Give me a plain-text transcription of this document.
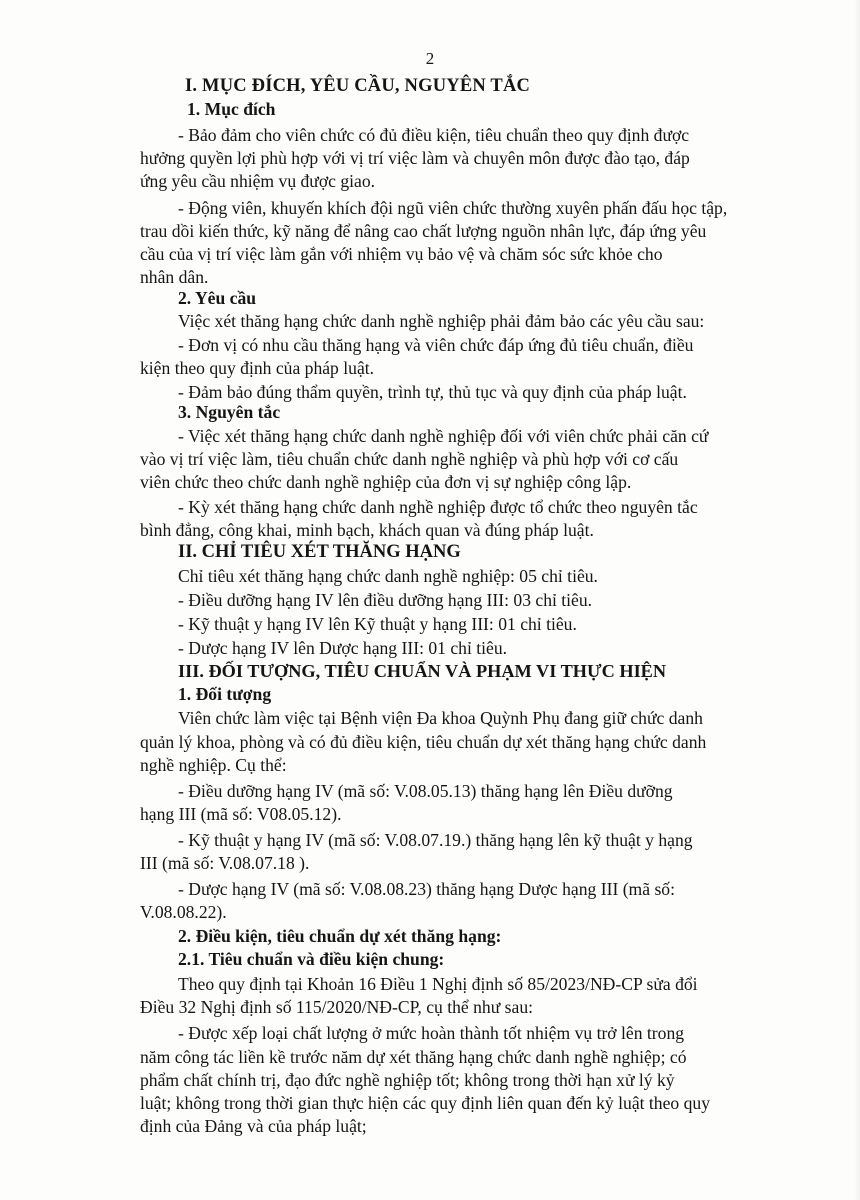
2
I. MỤC ĐÍCH, YÊU CẦU, NGUYÊN TẮC
1. Mục đích
- Bảo đảm cho viên chức có đủ điều kiện, tiêu chuẩn theo quy định được
hưởng quyền lợi phù hợp với vị trí việc làm và chuyên môn được đào tạo, đáp
ứng yêu cầu nhiệm vụ được giao.
- Động viên, khuyến khích đội ngũ viên chức thường xuyên phấn đấu học tập,
trau dồi kiến thức, kỹ năng để nâng cao chất lượng nguồn nhân lực, đáp ứng yêu
cầu của vị trí việc làm gắn với nhiệm vụ bảo vệ và chăm sóc sức khỏe cho
nhân dân.
2. Yêu cầu
Việc xét thăng hạng chức danh nghề nghiệp phải đảm bảo các yêu cầu sau:
- Đơn vị có nhu cầu thăng hạng và viên chức đáp ứng đủ tiêu chuẩn, điều
kiện theo quy định của pháp luật.
- Đảm bảo đúng thẩm quyền, trình tự, thủ tục và quy định của pháp luật.
3. Nguyên tắc
- Việc xét thăng hạng chức danh nghề nghiệp đối với viên chức phải căn cứ
vào vị trí việc làm, tiêu chuẩn chức danh nghề nghiệp và phù hợp với cơ cấu
viên chức theo chức danh nghề nghiệp của đơn vị sự nghiệp công lập.
- Kỳ xét thăng hạng chức danh nghề nghiệp được tổ chức theo nguyên tắc
bình đẳng, công khai, minh bạch, khách quan và đúng pháp luật.
II. CHỈ TIÊU XÉT THĂNG HẠNG
Chỉ tiêu xét thăng hạng chức danh nghề nghiệp: 05 chỉ tiêu.
- Điều dưỡng hạng IV lên điều dưỡng hạng III: 03 chỉ tiêu.
- Kỹ thuật y hạng IV lên Kỹ thuật y hạng III: 01 chỉ tiêu.
- Dược hạng IV lên Dược hạng III: 01 chỉ tiêu.
III. ĐỐI TƯỢNG, TIÊU CHUẨN VÀ PHẠM VI THỰC HIỆN
1. Đối tượng
Viên chức làm việc tại Bệnh viện Đa khoa Quỳnh Phụ đang giữ chức danh
quản lý khoa, phòng và có đủ điều kiện, tiêu chuẩn dự xét thăng hạng chức danh
nghề nghiệp. Cụ thể:
- Điều dưỡng hạng IV (mã số: V.08.05.13) thăng hạng lên Điều dưỡng
hạng III (mã số: V08.05.12).
- Kỹ thuật y hạng IV (mã số: V.08.07.19.) thăng hạng lên kỹ thuật y hạng
III (mã số: V.08.07.18 ).
- Dược hạng IV (mã số: V.08.08.23) thăng hạng Dược hạng III (mã số:
V.08.08.22).
2. Điều kiện, tiêu chuẩn dự xét thăng hạng:
2.1. Tiêu chuẩn và điều kiện chung:
Theo quy định tại Khoản 16 Điều 1 Nghị định số 85/2023/NĐ-CP sửa đổi
Điều 32 Nghị định số 115/2020/NĐ-CP, cụ thể như sau:
- Được xếp loại chất lượng ở mức hoàn thành tốt nhiệm vụ trở lên trong
năm công tác liền kề trước năm dự xét thăng hạng chức danh nghề nghiệp; có
phẩm chất chính trị, đạo đức nghề nghiệp tốt; không trong thời hạn xử lý kỷ
luật; không trong thời gian thực hiện các quy định liên quan đến kỷ luật theo quy
định của Đảng và của pháp luật;
